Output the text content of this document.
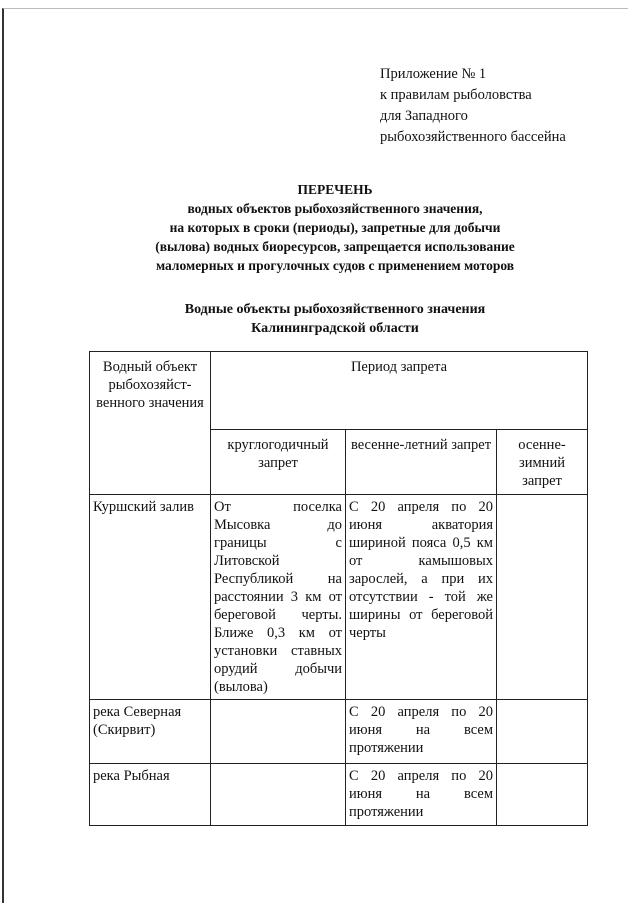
Приложение № 1
к правилам рыболовства
для Западного
рыбохозяйственного бассейна
ПЕРЕЧЕНЬ
водных объектов рыбохозяйственного значения,
на которых в сроки (периоды), запретные для добычи
(вылова) водных биоресурсов, запрещается использование
маломерных и прогулочных судов с применением моторов
Водные объекты рыбохозяйственного значения
Калининградской области
Водный объект рыбохозяйст-венного значения	Период запрета		
	круглогодичный запрет	весенне-летний запрет	осенне-зимний запрет
Куршский залив	От поселка Мысовка до границы с Литовской Республикой на расстоянии 3 км от береговой черты. Ближе 0,3 км от установки ставных орудий добычи (вылова)	С 20 апреля по 20 июня акватория шириной пояса 0,5 км от камышовых зарослей, а при их отсутствии - той же ширины от береговой черты	
река Северная (Скирвит)		С 20 апреля по 20 июня на всем протяжении	
река Рыбная		С 20 апреля по 20 июня на всем протяжении	
